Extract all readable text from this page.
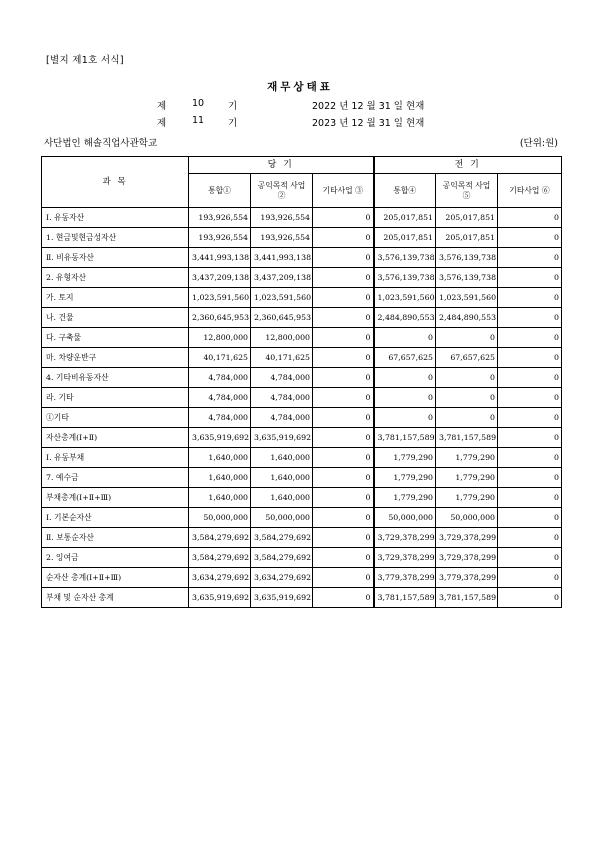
[별지 제1호 서식]
재무상태표
제	10	기	2022 년 12 월 31 일 현재
제	11	기	2023 년 12 월 31 일 현재
사단법인 해솔직업사관학교	(단위:원)
과 목	당 기			전 기		
	통합①	공익목적 사업②	기타사업 ③	통합④	공익목적 사업⑤	기타사업 ⑥
Ⅰ. 유동자산	193,926,554	193,926,554	0	205,017,851	205,017,851	0
1. 현금및현금성자산	193,926,554	193,926,554	0	205,017,851	205,017,851	0
Ⅱ. 비유동자산	3,441,993,138	3,441,993,138	0	3,576,139,738	3,576,139,738	0
2. 유형자산	3,437,209,138	3,437,209,138	0	3,576,139,738	3,576,139,738	0
가. 토지	1,023,591,560	1,023,591,560	0	1,023,591,560	1,023,591,560	0
나. 건물	2,360,645,953	2,360,645,953	0	2,484,890,553	2,484,890,553	0
다. 구축물	12,800,000	12,800,000	0	0	0	0
마. 차량운반구	40,171,625	40,171,625	0	67,657,625	67,657,625	0
4. 기타비유동자산	4,784,000	4,784,000	0	0	0	0
라. 기타	4,784,000	4,784,000	0	0	0	0
①기타	4,784,000	4,784,000	0	0	0	0
자산총계(Ⅰ+Ⅱ)	3,635,919,692	3,635,919,692	0	3,781,157,589	3,781,157,589	0
Ⅰ. 유동부채	1,640,000	1,640,000	0	1,779,290	1,779,290	0
7. 예수금	1,640,000	1,640,000	0	1,779,290	1,779,290	0
부채총계(Ⅰ+Ⅱ+Ⅲ)	1,640,000	1,640,000	0	1,779,290	1,779,290	0
Ⅰ. 기본순자산	50,000,000	50,000,000	0	50,000,000	50,000,000	0
Ⅱ. 보통순자산	3,584,279,692	3,584,279,692	0	3,729,378,299	3,729,378,299	0
2. 잉여금	3,584,279,692	3,584,279,692	0	3,729,378,299	3,729,378,299	0
순자산 총계(Ⅰ+Ⅱ+Ⅲ)	3,634,279,692	3,634,279,692	0	3,779,378,299	3,779,378,299	0
부채 및 순자산 총계	3,635,919,692	3,635,919,692	0	3,781,157,589	3,781,157,589	0
